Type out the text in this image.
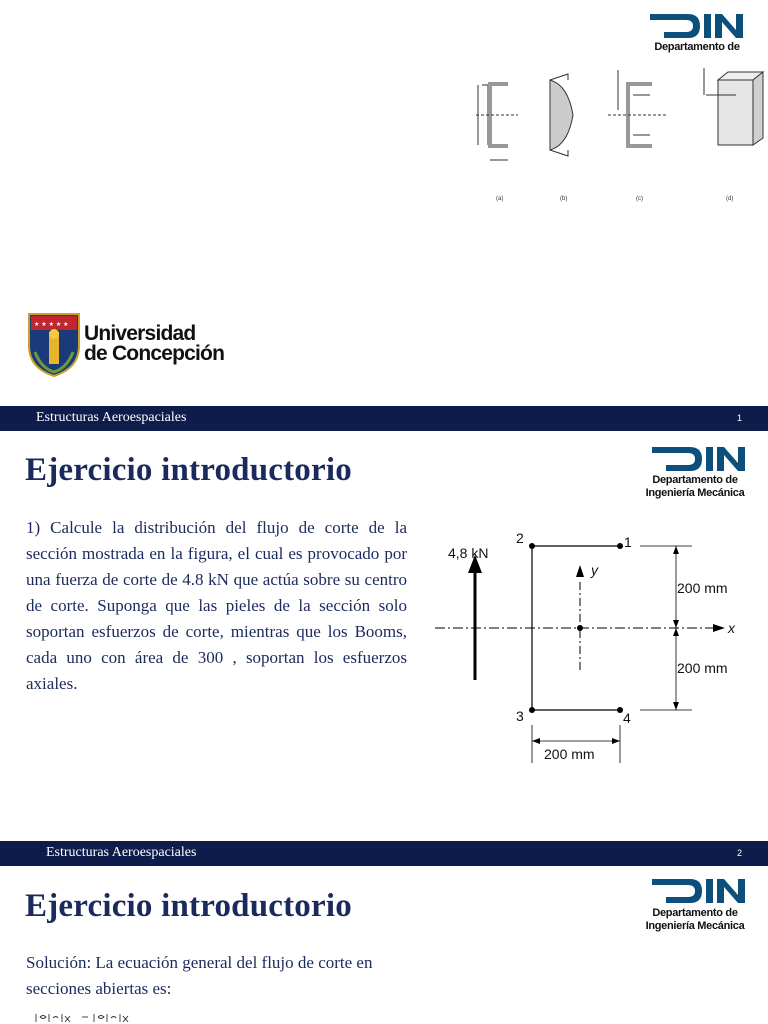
Departamento de
(a)	(b)	(c)	(d)
★ ★ ★ ★ ★ Universidad
de Concepción
Estructuras Aeroespaciales	1
Ejercicio introductorio	Departamento de
Ingeniería Mecánica
1) Calcule la distribución del flujo de corte de la sección mostrada en la figura, el cual es provocado por una fuerza de corte de 4.8 kN que actúa sobre su centro de corte. Suponga que las pieles de la sección solo soportan esfuerzos de corte, mientras que los Booms, cada uno con área de 300 , soportan los esfuerzos axiales.
4,8 kN
2	1
3	4
x
y
200 mm
200 mm
200 mm
Estructuras Aeroespaciales	2
Ejercicio introductorio	Departamento de
Ingeniería Mecánica
Solución: La ecuación general del flujo de corte en secciones abiertas es:
